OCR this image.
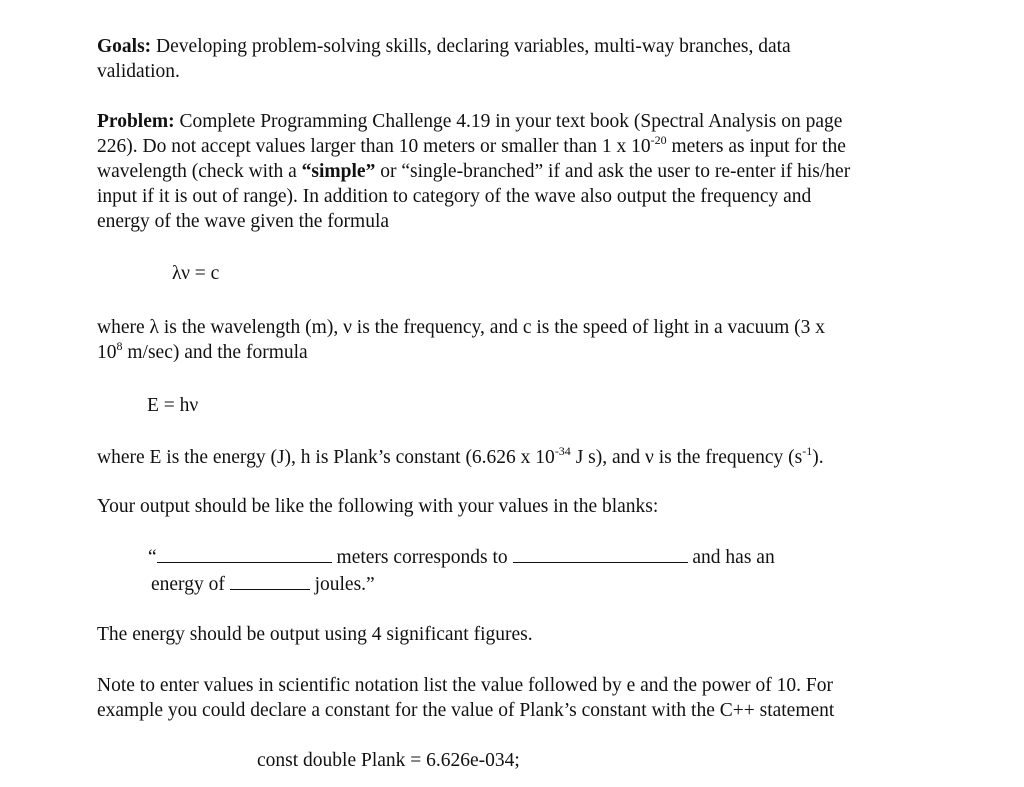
Goals: Developing problem-solving skills, declaring variables, multi-way branches, data
validation.
Problem: Complete Programming Challenge 4.19 in your text book (Spectral Analysis on page
226). Do not accept values larger than 10 meters or smaller than 1 x $10^{-20}$ meters as input for the
wavelength (check with a “simple” or “single-branched” if and ask the user to re-enter if his/her
input if it is out of range). In addition to category of the wave also output the frequency and
energy of the wave given the formula
λν = c
where λ is the wavelength (m), ν is the frequency, and c is the speed of light in a vacuum (3 x
$10^8$ m/sec) and the formula
E = hν
where E is the energy (J), h is Plank’s constant (6.626 x $10^{-34}$ J s), and ν is the frequency $(s^{-1})$.
Your output should be like the following with your values in the blanks:
“	meters corresponds to	and has an
energy of	joules.”
The energy should be output using 4 significant figures.
Note to enter values in scientific notation list the value followed by e and the power of 10. For
example you could declare a constant for the value of Plank’s constant with the C++ statement
const double Plank = 6.626e-034;
